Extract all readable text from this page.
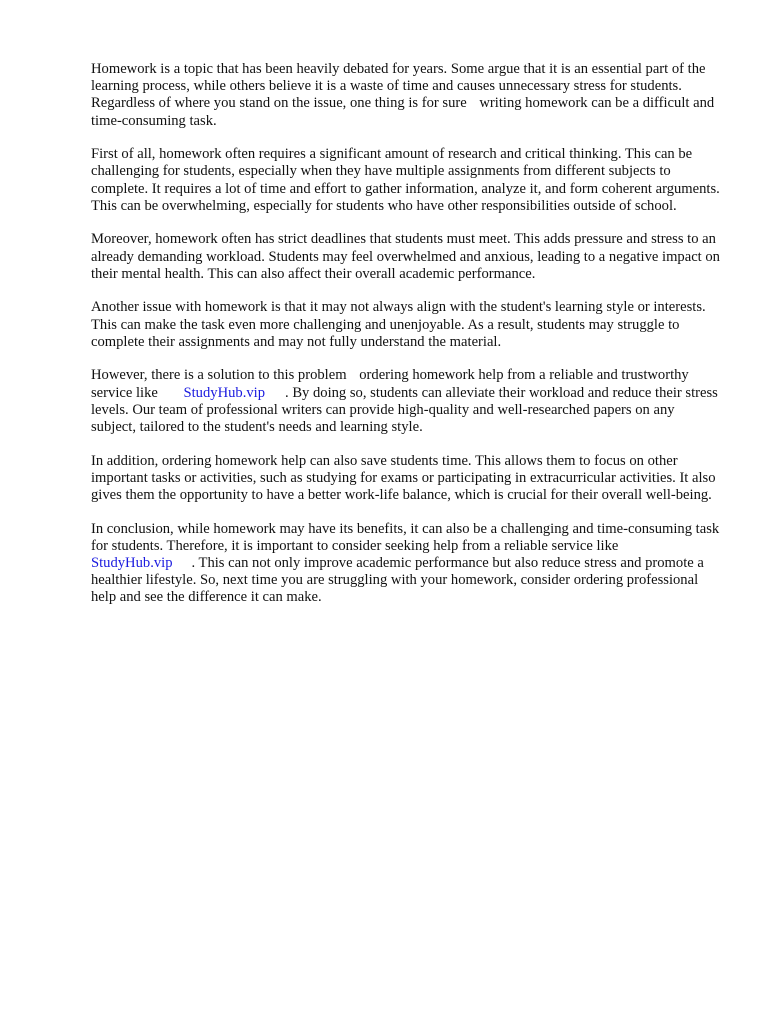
Homework is a topic that has been heavily debated for years. Some argue that it is an essential part of the learning process, while others believe it is a waste of time and causes unnecessary stress for students. Regardless of where you stand on the issue, one thing is for sure writing homework can be a difficult and time-consuming task.

First of all, homework often requires a significant amount of research and critical thinking. This can be challenging for students, especially when they have multiple assignments from different subjects to complete. It requires a lot of time and effort to gather information, analyze it, and form coherent arguments. This can be overwhelming, especially for students who have other responsibilities outside of school.

Moreover, homework often has strict deadlines that students must meet. This adds pressure and stress to an already demanding workload. Students may feel overwhelmed and anxious, leading to a negative impact on their mental health. This can also affect their overall academic performance.

Another issue with homework is that it may not always align with the student's learning style or interests. This can make the task even more challenging and unenjoyable. As a result, students may struggle to complete their assignments and may not fully understand the material.

However, there is a solution to this problem ordering homework help from a reliable and trustworthy service like StudyHub.vip . By doing so, students can alleviate their workload and reduce their stress levels. Our team of professional writers can provide high-quality and well-researched papers on any subject, tailored to the student's needs and learning style.

In addition, ordering homework help can also save students time. This allows them to focus on other important tasks or activities, such as studying for exams or participating in extracurricular activities. It also gives them the opportunity to have a better work-life balance, which is crucial for their overall well-being.

In conclusion, while homework may have its benefits, it can also be a challenging and time-consuming task for students. Therefore, it is important to consider seeking help from a reliable service like StudyHub.vip . This can not only improve academic performance but also reduce stress and promote a healthier lifestyle. So, next time you are struggling with your homework, consider ordering professional help and see the difference it can make.
